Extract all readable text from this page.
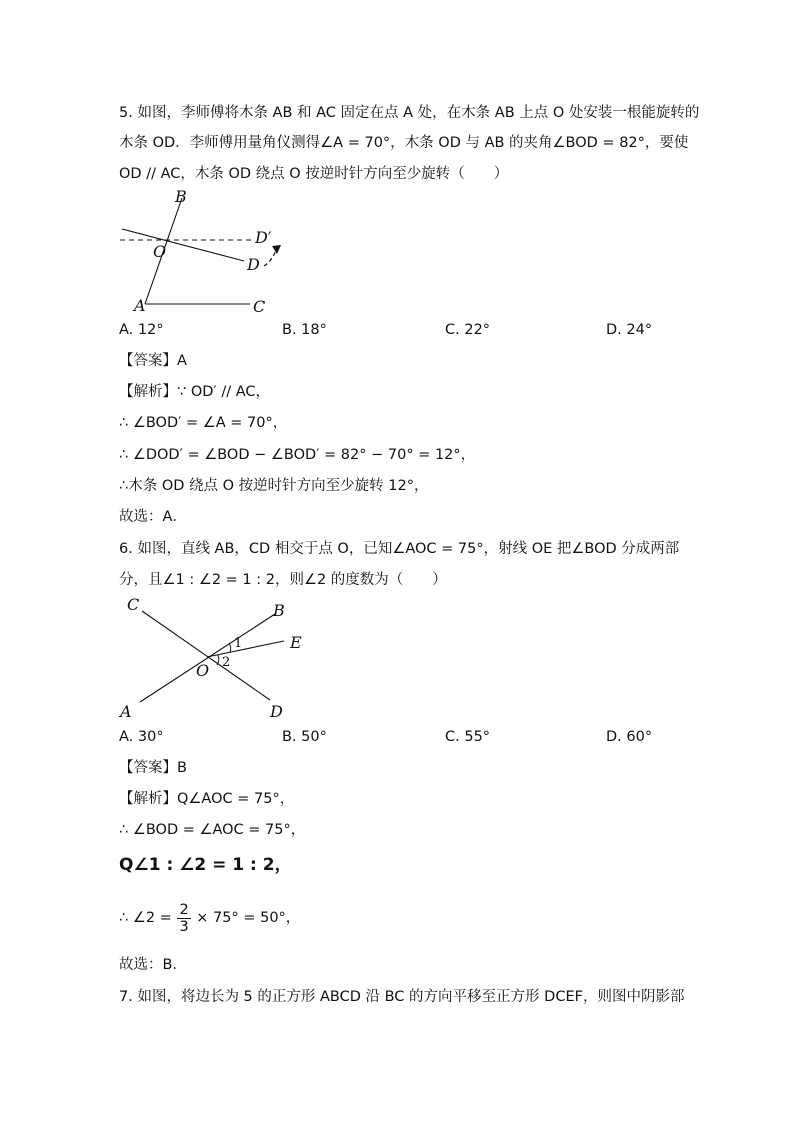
5. 如图，李师傅将木条 AB 和 AC 固定在点 A 处，在木条 AB 上点 O 处安装一根能旋转的
木条 OD．李师傅用量角仪测得∠A = 70°，木条 OD 与 AB 的夹角∠BOD = 82°，要使
OD // AC，木条 OD 绕点 O 按逆时针方向至少旋转（　　）
B
O
D′
D
A	C
A. 12°	B. 18°	C. 22°	D. 24°
【答案】A
【解析】∵ OD′ // AC，
∴ ∠BOD′ = ∠A = 70°，
∴ ∠DOD′ = ∠BOD − ∠BOD′ = 82° − 70° = 12°，
∴木条 OD 绕点 O 按逆时针方向至少旋转 12°，
故选：A．
6. 如图，直线 AB，CD 相交于点 O，已知∠AOC = 75°，射线 OE 把∠BOD 分成两部
分，且∠1 : ∠2 = 1 : 2，则∠2 的度数为（　　）
C	B
E
O
A	D
1
2
A. 30°	B. 50°	C. 55°	D. 60°
【答案】B
【解析】Q∠AOC = 75°，
∴ ∠BOD = ∠AOC = 75°，
Q∠1 : ∠2 = 1 : 2，
∴ ∠2 = $\frac{2}{3} \times 75^\circ = 50^\circ$，
故选：B．
7. 如图，将边长为 5 的正方形 ABCD 沿 BC 的方向平移至正方形 DCEF，则图中阴影部
